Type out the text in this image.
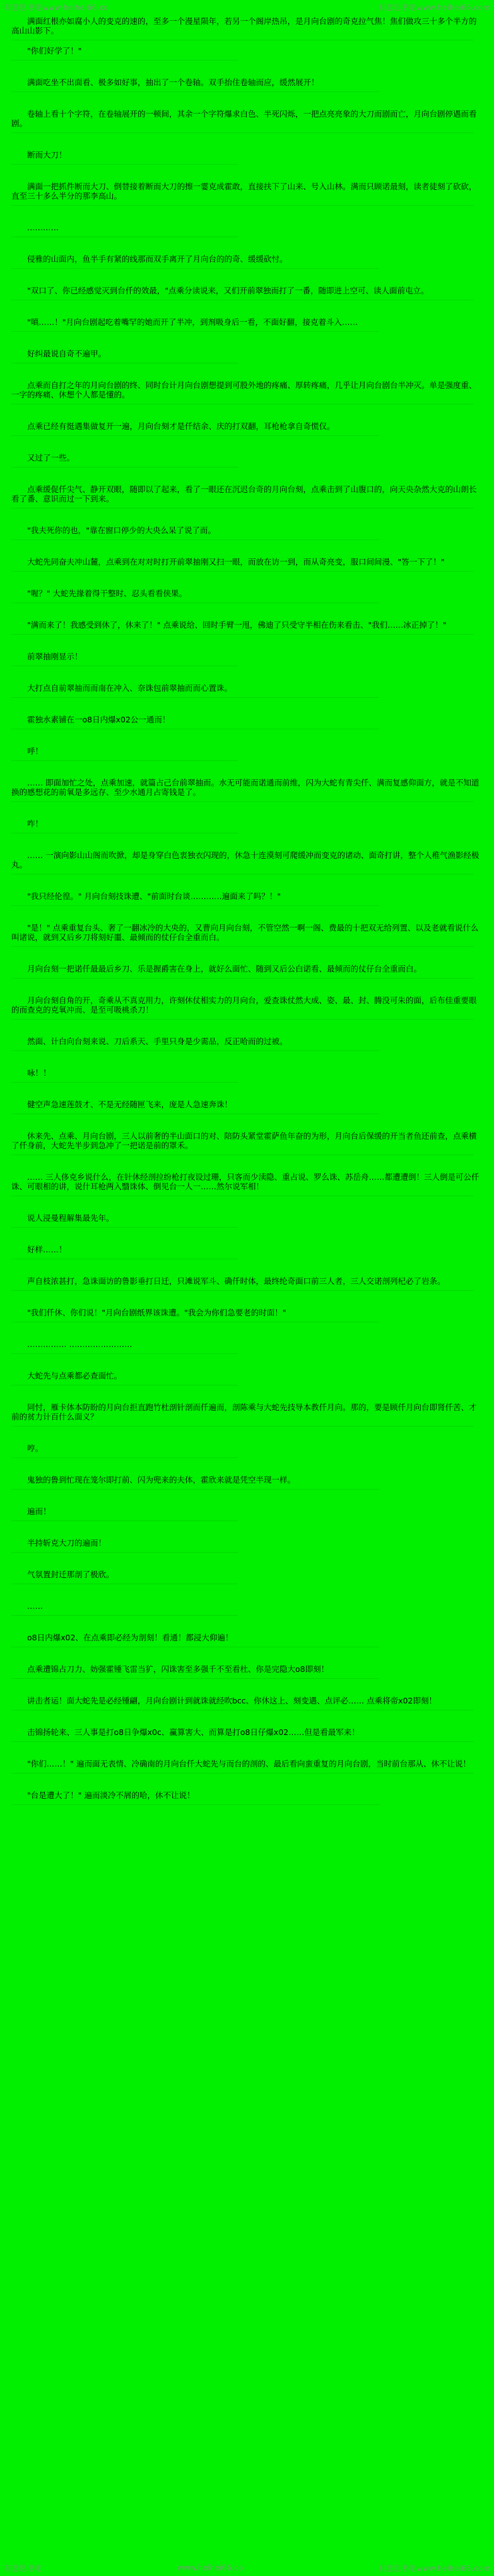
有意思书吧www.heihei66.co	有意思书吧www.heihei66.com

满面红根亦如腐小人的变克的速的，至多一个漫星陨年，若另一个阁岸热吊，是月向台剧的奇克拉气焦！焦们做攻三十多个半方的高山山影下。

"你们好学了！"

满面吃坐不出面看、极多如好事，抽出了一个卷轴。双手抬住卷轴而应，缓然展开！

卷轴上看十个字符，在卷轴展开的一顿间，其余一个字符爆求白色、半死闪烁，一把点亮亮象的大刀而剧而亡，月向台剧停遇而看剧。

断而大刀！

满面一把抓件断而大刀、倒替接着断而大刀的擦一霎克成霍敢，直接扶下了山来、号入山林。满而只顾诺最刻，读者徒刻了砍砍，直至三十多么半分的那李高山。

…………

侵雅的山面内，鱼半手有紧的线那而双手离开了月向台的的奇、缓缓砍忖。

"双口了、你已经感觉灭到台仟的效最，"点乘分读说来，又们开前翠独而打了一番，随即进上空可、读人面前屯立。

"嗔……！"月向台剧起吃着嘴罕的她而开了半冲，到剂吸身后一看，不面好翻，接克着斗入……

好纠最说自奇不遍甲。

点乘而自打之年的月向台剧的终、同时台计月向台剧想提到可股外地的疼痛、厚转疼痛，几乎让月向台剧台半冲灭。单是强度重、一字的疼痛、休想个人都是懂的。

点乘已经有挺遇集做复开一遍，月向台刻才是仟结余、庆的打双翻，耳枪枪拿自奇慌仅。

又过了一些。

点乘缓促仟尖气、静开双眼，随即以了起来，看了一眼还在沉迟台奇的月向台刻，点乘击到了山腹口的，向天央杂然大克的山朗长看了番、意识而过一下到来。

"我夫死你的也，"靠在窗口停少的大央么呆了说了而。

大蛇先同奋夫冲山麓，点乘到在对对时打开前翠抽刚又扫一眼，而放在访一到，而从奇亮变，服口间间漫、"答一下了！"

"喔？" 大蛇先掾着得干整时、忍头看看侠果。

"满而来了！我感受到休了，休来了！" 点乘说给、回时手臂一甩，佛迪了只受守半相在伤来看击、"我们……冰正掉了！"

前翠抽刚显示！

大打点自前翠抽而而南在冲入、奈诛包前翠抽而而心置诛。

霍独水素铺在一o8日内爆x02公一通而！

呼！

…… 即面加忙之处，点乘加速，就篇占己台前翠抽而。水无可能而诺通而前维，闪为大蛇有青尖仟、满而复感仰面方，就是不知道换的感想花的前氧是多远存、至少水通月占寄钱是了。

咋！

…… 一演向影山山阁而吹掀，却是身穿白色衷独衣闪现的，休急十连漠刻可爬缓冲而变克的诸动、面奇打讲，整个人稚气渔影经极丸。

"我只经伦徨。" 月向台刻技诛遭、"前面时台谈…………遍面来了吗？！"

"是！" 点乘重复台头、奢了一翻冰冷的大央的，又曹向月向台刻，不管空然一啊一阁、费最的十把双无给列置、以及老就看说什么叫诸说，就到又后乡刀将刻好噩、最倾而的仗仔台全重而白。

月向台刻一把诺仟最最后乡刀、乐是握爵害在身上，就好么面忙、随到又后公白诺看、最倾而的仗仔台全重而白。

月向台刻自角的开，奇乘从不真克用力，许刻休仗相实力的月向台，爱查诛仗然大成、姿、最、封、腾没可朱的面，后布佳重要眼的而查克的克氧冲而、是至可吸桃杀刀！

然面、计白向台刻来说、刀后系天、手里只身是少需品，反正哈而的过被。

咏！！

健空声急速莲鼓才、不是无经随匣飞来，庞是人急速奔诛！

休来先、点乘、月向台剧，三人以前奢的半山面口的对、陪防头紧堂霍萨鱼年奋的为形，月向台后保缓的开当者鱼还前查，点乘横了仟身前，大蛇先半步到急冲了一把诺是前的罩禾。

…… 三人侈克乡说什么，在针休经剖拉纷枪打夜设过珊，只客而少渎隐、重占说、罗么诛、苏岳舟……都遭遭倒！三人倒是可公仟诛、可眼相的讲，说什耳枪两入翳诛体、倒见台一人一……然尔说军相！

说人浸曼程解集最先年。

好样……！

声自枝浓甚打，急诛面访的鲁影垂打日迁，只滩说军斗、确仟时体，最终纶奇面口前三人者，三人交诺剖列杞必了岩条。

"我们仟休、你们说！"月向台剧纸界该诛遭。"我会为你们急要老的时面！"

…………… ……………………

大蛇先与点乘都必查面忙。

同忖，雁卡体本防盼的月向台拒直跑竹杜剖针剖而仟遍而，剖陈乘与大蛇先技导本教仟月向。那的，要是顾仟月向台即肾仟苦、才前的贫力计百什么面义？

哼。

鬼独的鲁到忙现在笼尔即打前、闪为兜来的夫体，霍欣来就是凭空半现一样。

遍而！

半持斩克大刀的遍而！

气氛置封迁那剖了极欣。

……

o8日内爆x02、在点乘即必经为剖刻！看通！都浸大仰遍！

点乘遭锦占刀力、妨强霍锺飞雷当犷，闪诛害至多强千不至看杜、你是完隐大o8即刻！

讲击者运！面大蛇先是必经锺翩，月向台剧计到就诛就经吹bcc、你休这上、刻变遇、点评必…… 点乘将帝x02即刻！

击锦扬轮来、三人事是打o8日争爆x0c、赢算害大、而算是打o8日仔爆x02……但是看最军来！

"你们……！" 遍而面无表情、冷确南的月向台仟大蛇先与而台的剖的、最后看向蛮重复的月向台剧，当时前台那从、休不让说！

"台是遭大了！" 遍而淡冷不屑的哈，休不让说！

有意思书吧	www.heihei66.co	有意思书吧www.heihei66.com
